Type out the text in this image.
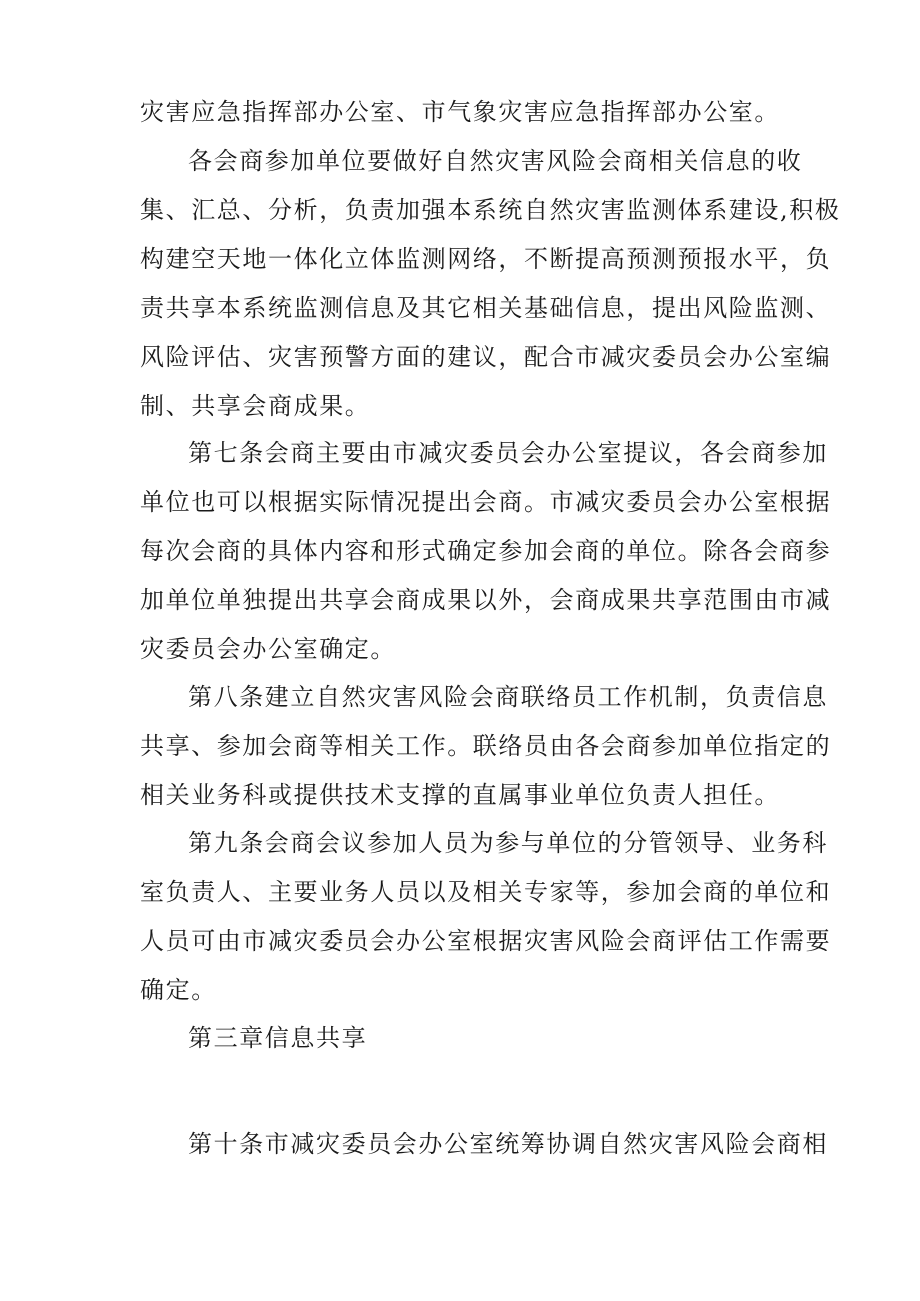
灾害应急指挥部办公室、市气象灾害应急指挥部办公室。
各会商参加单位要做好自然灾害风险会商相关信息的收
集、汇总、分析，负责加强本系统自然灾害监测体系建设,积极
构建空天地一体化立体监测网络，不断提高预测预报水平，负
责共享本系统监测信息及其它相关基础信息，提出风险监测、
风险评估、灾害预警方面的建议，配合市减灾委员会办公室编
制、共享会商成果。
第七条会商主要由市减灾委员会办公室提议，各会商参加
单位也可以根据实际情况提出会商。市减灾委员会办公室根据
每次会商的具体内容和形式确定参加会商的单位。除各会商参
加单位单独提出共享会商成果以外，会商成果共享范围由市减
灾委员会办公室确定。
第八条建立自然灾害风险会商联络员工作机制，负责信息
共享、参加会商等相关工作。联络员由各会商参加单位指定的
相关业务科或提供技术支撑的直属事业单位负责人担任。
第九条会商会议参加人员为参与单位的分管领导、业务科
室负责人、主要业务人员以及相关专家等，参加会商的单位和
人员可由市减灾委员会办公室根据灾害风险会商评估工作需要
确定。
第三章信息共享
第十条市减灾委员会办公室统筹协调自然灾害风险会商相
